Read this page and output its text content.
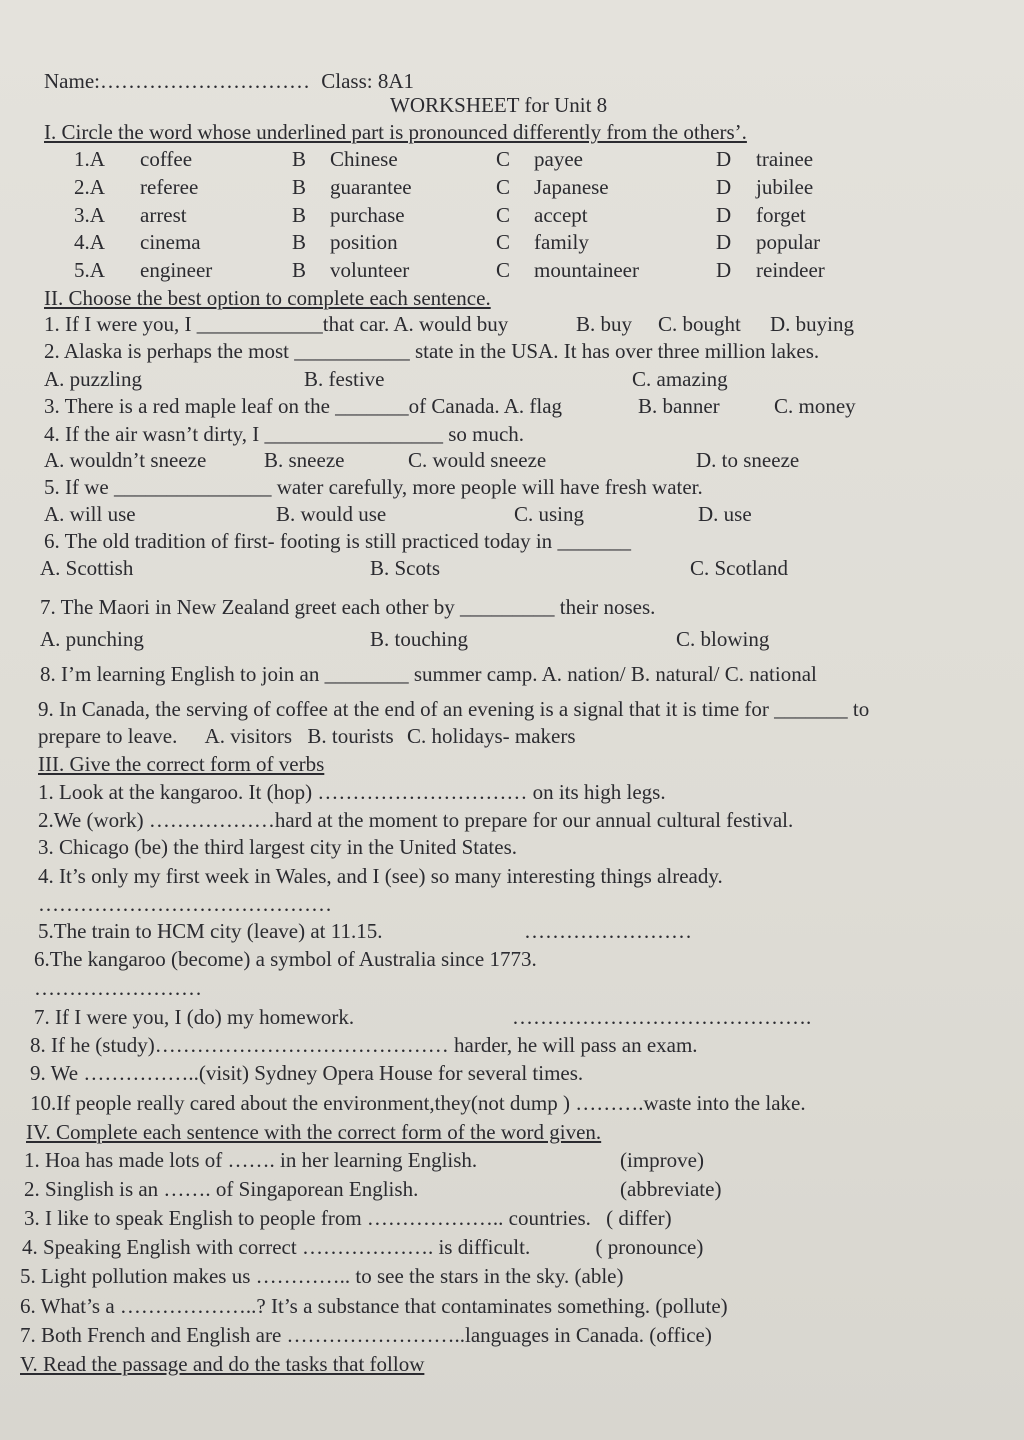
Name:………………………… Class: 8A1
WORKSHEET for Unit 8
I. Circle the word whose underlined part is pronounced differently from the others’.
1.A coffee	B Chinese	C payee	D trainee
2.A referee	B guarantee	C Japanese	D jubilee
3.A arrest	B purchase	C accept	D forget
4.A cinema	B position	C family	D popular
5.A engineer	B volunteer	C mountaineer	D reindeer
II. Choose the best option to complete each sentence.
1. If I were you, I ____________that car. A. would buy	B. buy C. bought D. buying
2. Alaska is perhaps the most ___________ state in the USA. It has over three million lakes.
A. puzzling	B. festive	C. amazing
3. There is a red maple leaf on the _______of Canada. A. flag	B. banner	C. money
4. If the air wasn’t dirty, I _________________ so much.
A. wouldn’t sneeze	B. sneeze	C. would sneeze	D. to sneeze
5. If we _______________ water carefully, more people will have fresh water.
A. will use	B. would use	C. using	D. use
6. The old tradition of first- footing is still practiced today in _______
A. Scottish	B. Scots	C. Scotland
7. The Maori in New Zealand greet each other by _________ their noses.
A. punching	B. touching	C. blowing
8. I’m learning English to join an ________ summer camp. A. nation/ B. natural/ C. national
9. In Canada, the serving of coffee at the end of an evening is a signal that it is time for _______ to
prepare to leave. A. visitors B. tourists C. holidays- makers
III. Give the correct form of verbs
1. Look at the kangaroo. It (hop) ………………………… on its high legs.
2.We (work) ………………hard at the moment to prepare for our annual cultural festival.
3. Chicago (be) the third largest city in the United States.
4. It’s only my first week in Wales, and I (see) so many interesting things already.
……………………………………
5.The train to HCM city (leave) at 11.15.	……………………
6.The kangaroo (become) a symbol of Australia since 1773.
……………………
7. If I were you, I (do) my homework.	…………………………………….
8. If he (study)…………………………………… harder, he will pass an exam.
9. We ……………..(visit) Sydney Opera House for several times.
10.If people really cared about the environment,they(not dump ) ……….waste into the lake.
IV. Complete each sentence with the correct form of the word given.
1. Hoa has made lots of ……. in her learning English.	(improve)
2. Singlish is an ……. of Singaporean English.	(abbreviate)
3. I like to speak English to people from ……………….. countries. ( differ)
4. Speaking English with correct ………………. is difficult.	( pronounce)
5. Light pollution makes us ………….. to see the stars in the sky. (able)
6. What’s a ………………..? It’s a substance that contaminates something. (pollute)
7. Both French and English are ……………………..languages in Canada. (office)
V. Read the passage and do the tasks that follow
